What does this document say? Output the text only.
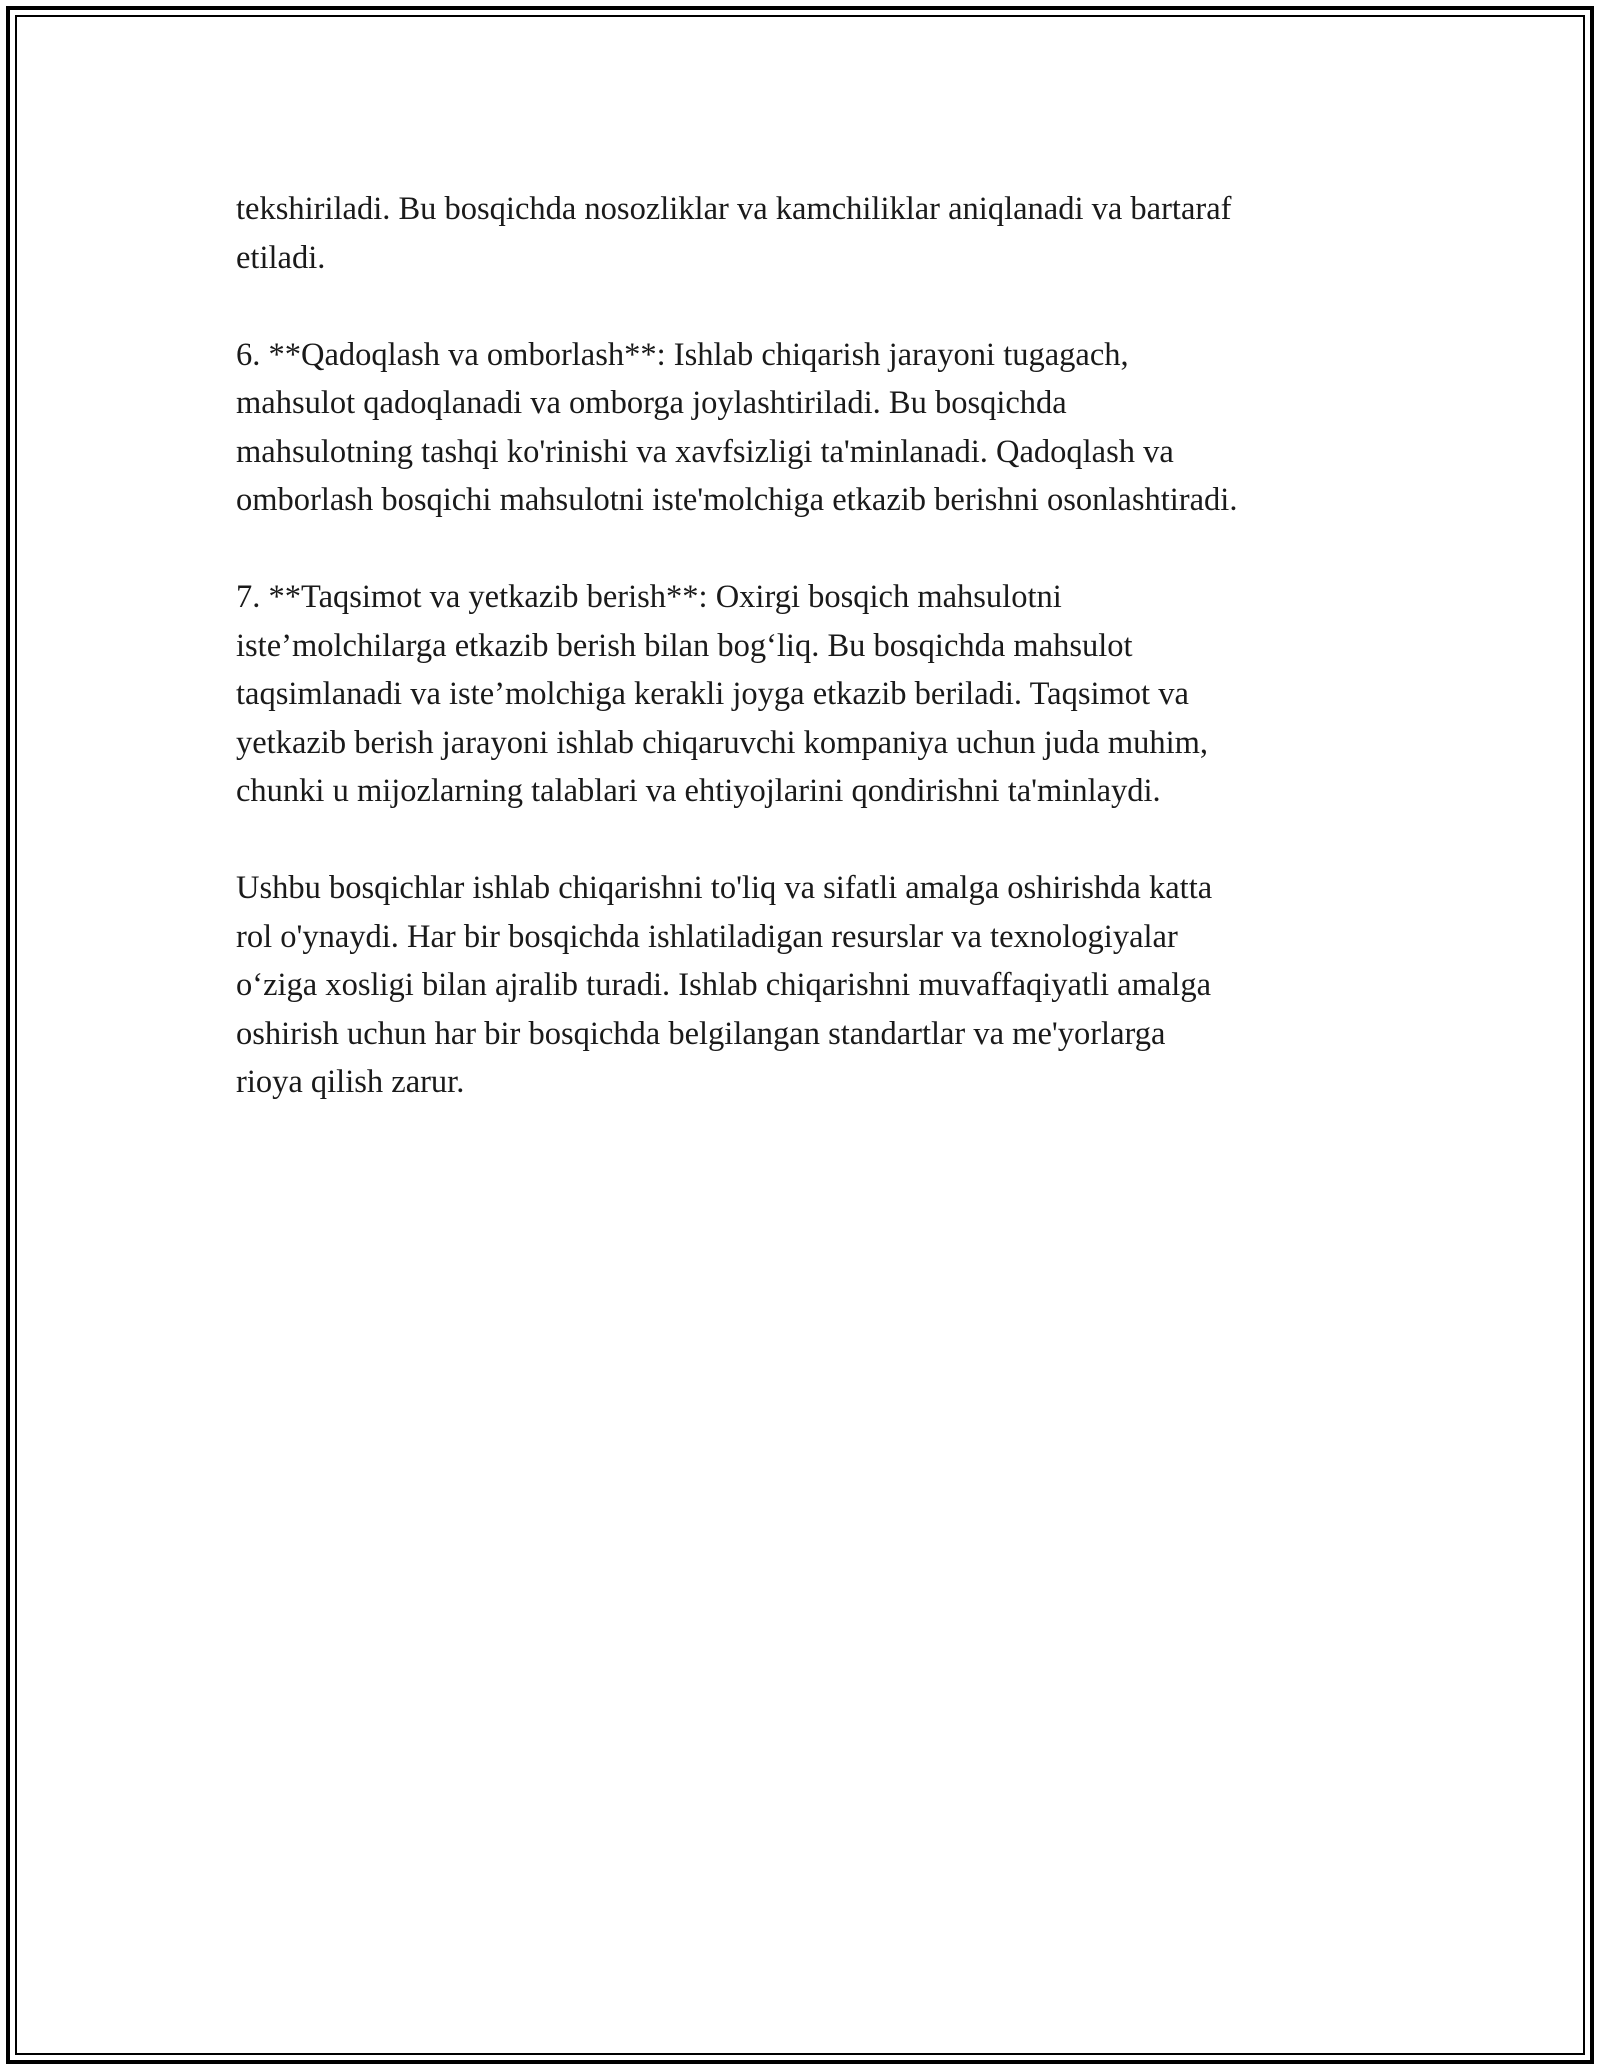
tekshiriladi. Bu bosqichda nosozliklar va kamchiliklar aniqlanadi va bartaraf
etiladi.

6. **Qadoqlash va omborlash**: Ishlab chiqarish jarayoni tugagach,
mahsulot qadoqlanadi va omborga joylashtiriladi. Bu bosqichda
mahsulotning tashqi ko'rinishi va xavfsizligi ta'minlanadi. Qadoqlash va
omborlash bosqichi mahsulotni iste'molchiga etkazib berishni osonlashtiradi.

7. **Taqsimot va yetkazib berish**: Oxirgi bosqich mahsulotni
iste’molchilarga etkazib berish bilan bog‘liq. Bu bosqichda mahsulot
taqsimlanadi va iste’molchiga kerakli joyga etkazib beriladi. Taqsimot va
yetkazib berish jarayoni ishlab chiqaruvchi kompaniya uchun juda muhim,
chunki u mijozlarning talablari va ehtiyojlarini qondirishni ta'minlaydi.

Ushbu bosqichlar ishlab chiqarishni to'liq va sifatli amalga oshirishda katta
rol o'ynaydi. Har bir bosqichda ishlatiladigan resurslar va texnologiyalar
o‘ziga xosligi bilan ajralib turadi. Ishlab chiqarishni muvaffaqiyatli amalga
oshirish uchun har bir bosqichda belgilangan standartlar va me'yorlarga
rioya qilish zarur.
